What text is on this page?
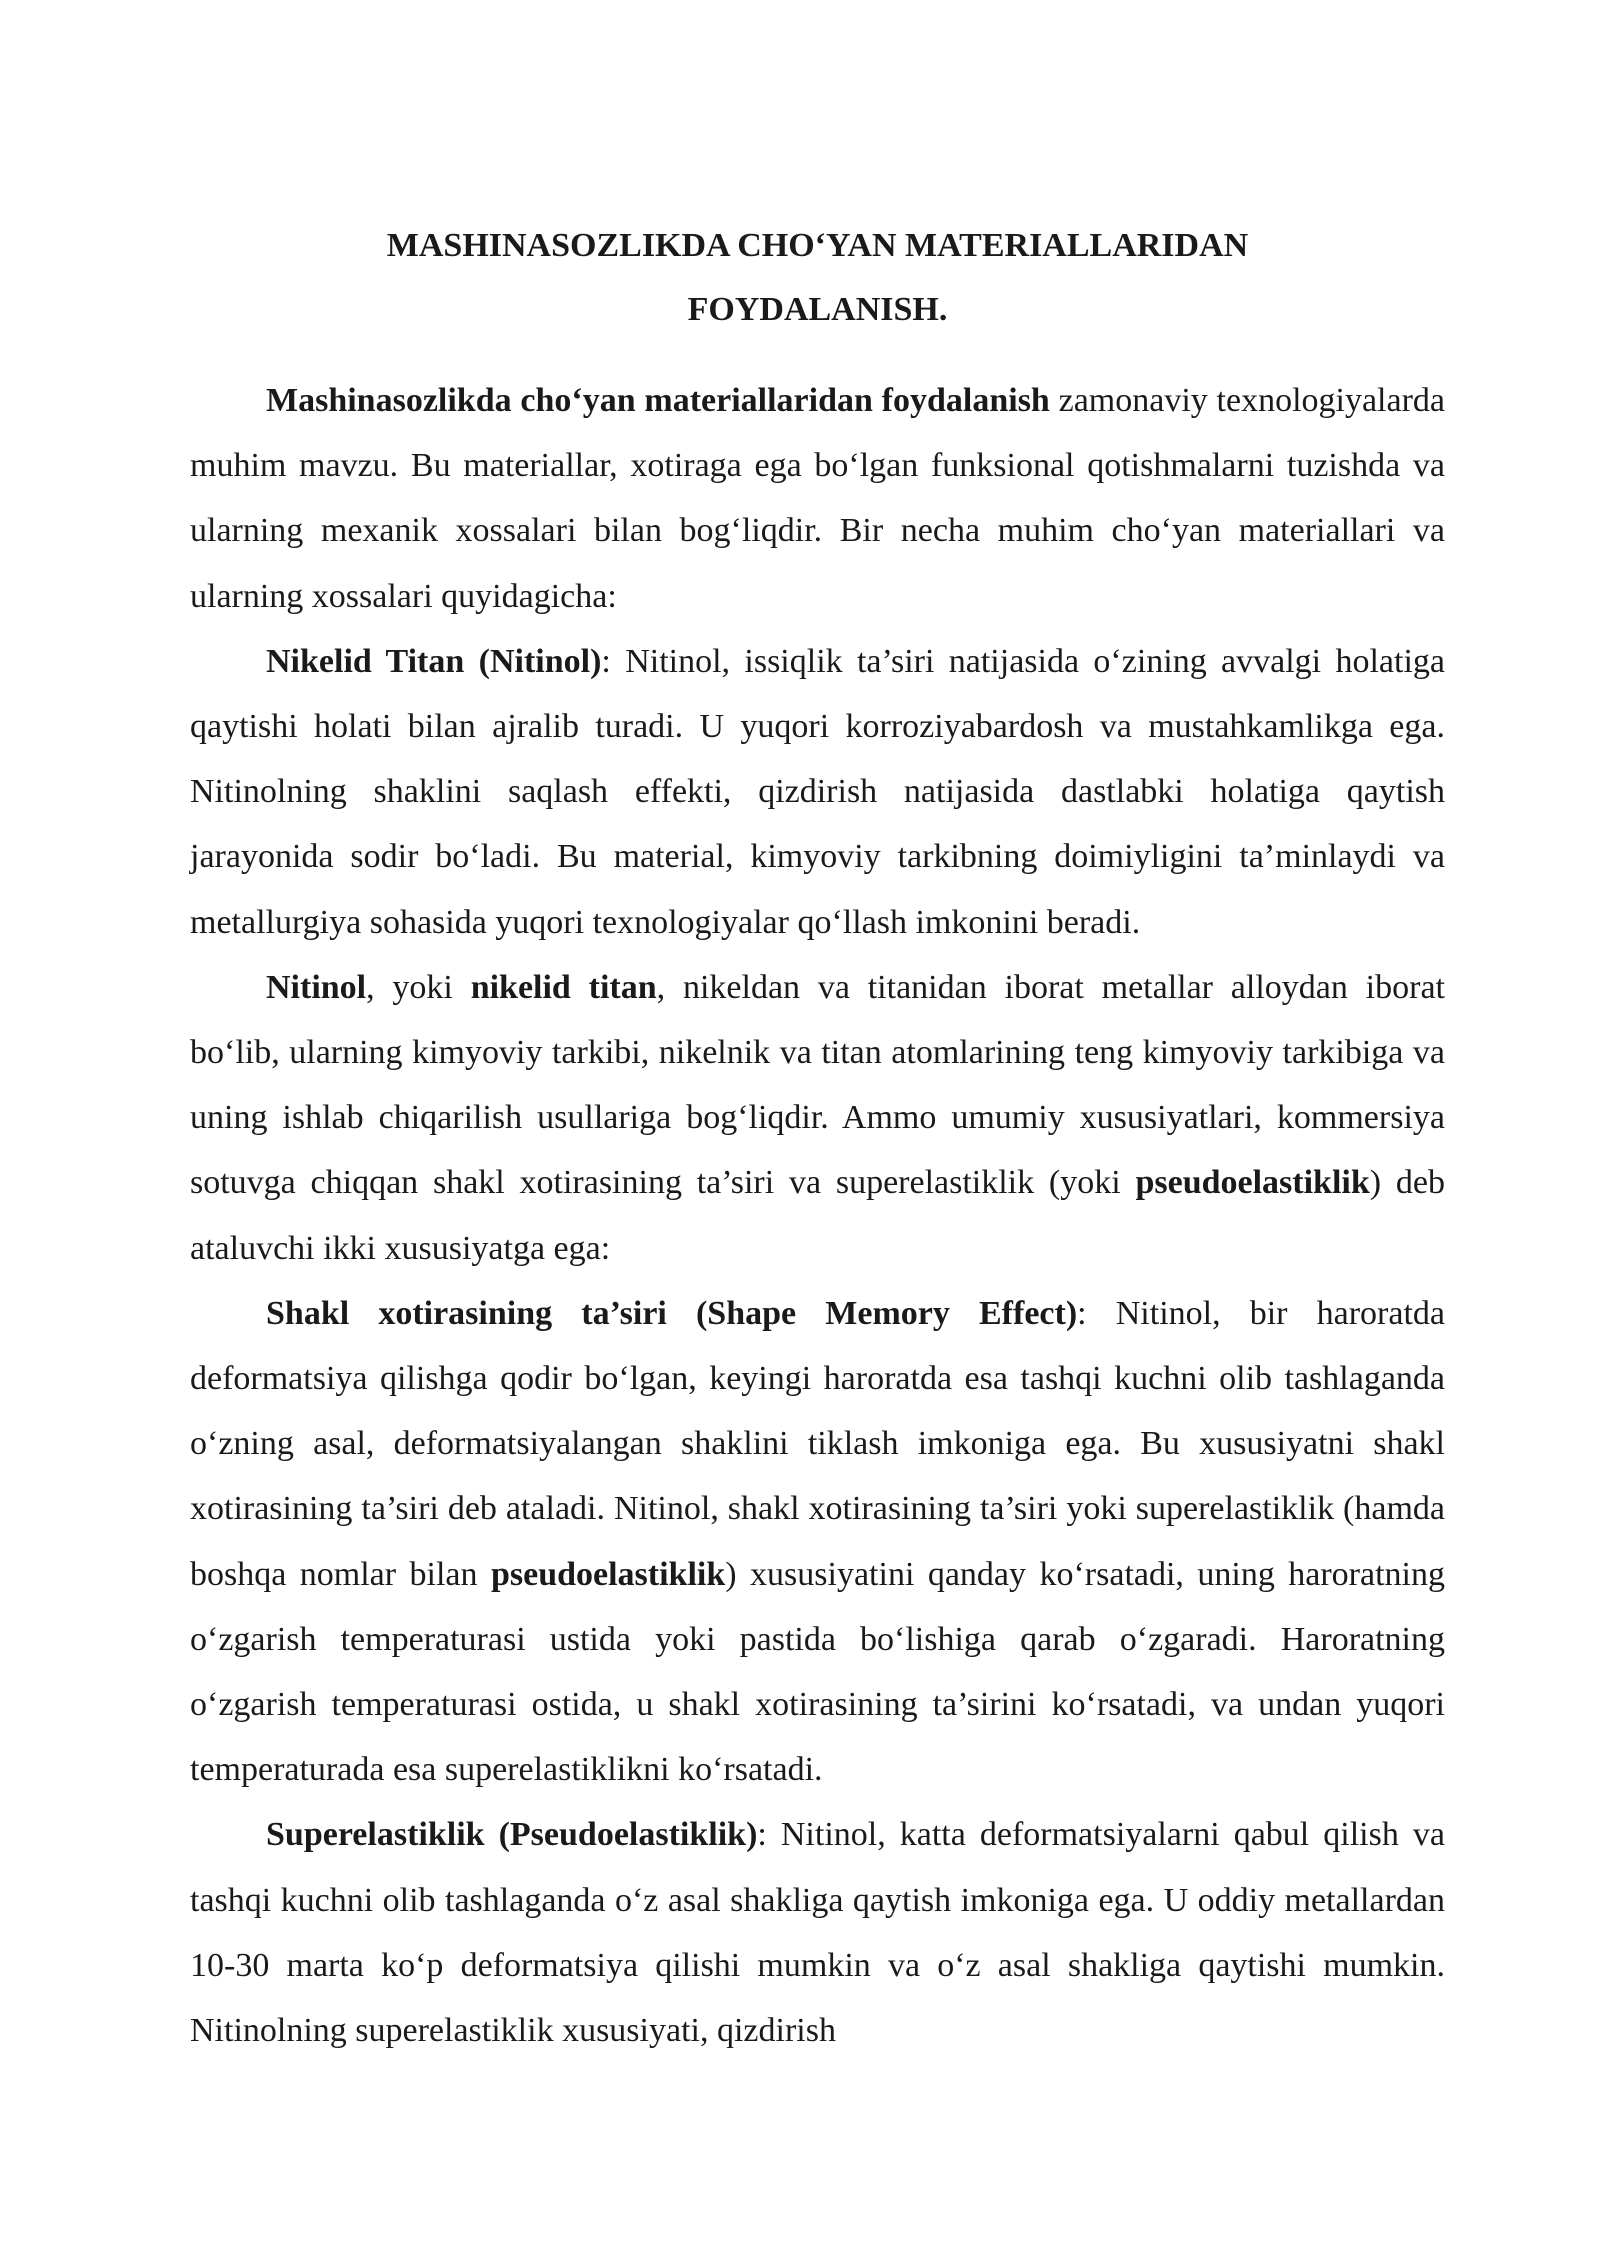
MASHINASOZLIKDA CHO‘YAN MATERIALLARIDAN
FOYDALANISH.

Mashinasozlikda cho‘yan materiallaridan foydalanish zamonaviy texnologiyalarda muhim mavzu. Bu materiallar, xotiraga ega bo‘lgan funksional qotishmalarni tuzishda va ularning mexanik xossalari bilan bog‘liqdir. Bir necha muhim cho‘yan materiallari va ularning xossalari quyidagicha:

Nikelid Titan (Nitinol): Nitinol, issiqlik ta’siri natijasida o‘zining avvalgi holatiga qaytishi holati bilan ajralib turadi. U yuqori korroziyabardosh va mustahkamlikga ega. Nitinolning shaklini saqlash effekti, qizdirish natijasida dastlabki holatiga qaytish jarayonida sodir bo‘ladi. Bu material, kimyoviy tarkibning doimiyligini ta’minlaydi va metallurgiya sohasida yuqori texnologiyalar qo‘llash imkonini beradi.

Nitinol, yoki nikelid titan, nikeldan va titanidan iborat metallar alloydan iborat bo‘lib, ularning kimyoviy tarkibi, nikelnik va titan atomlarining teng kimyoviy tarkibiga va uning ishlab chiqarilish usullariga bog‘liqdir. Ammo umumiy xususiyatlari, kommersiya sotuvga chiqqan shakl xotirasining ta’siri va superelastiklik (yoki pseudoelastiklik) deb ataluvchi ikki xususiyatga ega:

Shakl xotirasining ta’siri (Shape Memory Effect): Nitinol, bir haroratda deformatsiya qilishga qodir bo‘lgan, keyingi haroratda esa tashqi kuchni olib tashlaganda o‘zning asal, deformatsiyalangan shaklini tiklash imkoniga ega. Bu xususiyatni shakl xotirasining ta’siri deb ataladi. Nitinol, shakl xotirasining ta’siri yoki superelastiklik (hamda boshqa nomlar bilan pseudoelastiklik) xususiyatini qanday ko‘rsatadi, uning haroratning o‘zgarish temperaturasi ustida yoki pastida bo‘lishiga qarab o‘zgaradi. Haroratning o‘zgarish temperaturasi ostida, u shakl xotirasining ta’sirini ko‘rsatadi, va undan yuqori temperaturada esa superelastiklikni ko‘rsatadi.

Superelastiklik (Pseudoelastiklik): Nitinol, katta deformatsiyalarni qabul qilish va tashqi kuchni olib tashlaganda o‘z asal shakliga qaytish imkoniga ega. U oddiy metallardan 10-30 marta ko‘p deformatsiya qilishi mumkin va o‘z asal shakliga qaytishi mumkin. Nitinolning superelastiklik xususiyati, qizdirish
